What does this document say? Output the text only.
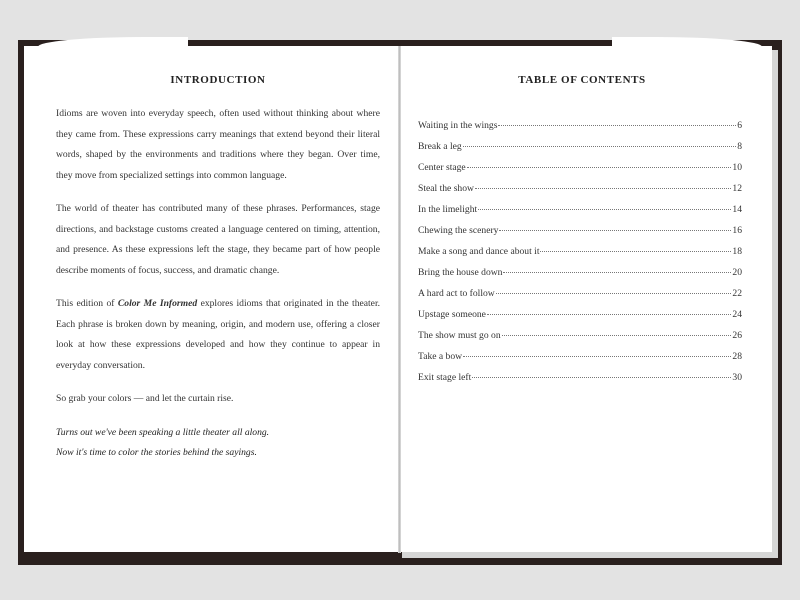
INTRODUCTION

Idioms are woven into everyday speech, often used without thinking about where they came from. These expressions carry meanings that extend beyond their literal words, shaped by the environments and traditions where they began. Over time, they move from specialized settings into common language.

The world of theater has contributed many of these phrases. Performances, stage directions, and backstage customs created a language centered on timing, attention, and presence. As these expressions left the stage, they became part of how people describe moments of focus, success, and dramatic change.

This edition of Color Me Informed explores idioms that originated in the theater. Each phrase is broken down by meaning, origin, and modern use, offering a closer look at how these expressions developed and how they continue to appear in everyday conversation.

So grab your colors — and let the curtain rise.

Turns out we've been speaking a little theater all along.
Now it's time to color the stories behind the sayings.
TABLE OF CONTENTS
Waiting in the wings	6
Break a leg	8
Center stage	10
Steal the show	12
In the limelight	14
Chewing the scenery	16
Make a song and dance about it	18
Bring the house down	20
A hard act to follow	22
Upstage someone	24
The show must go on	26
Take a bow	28
Exit stage left	30
